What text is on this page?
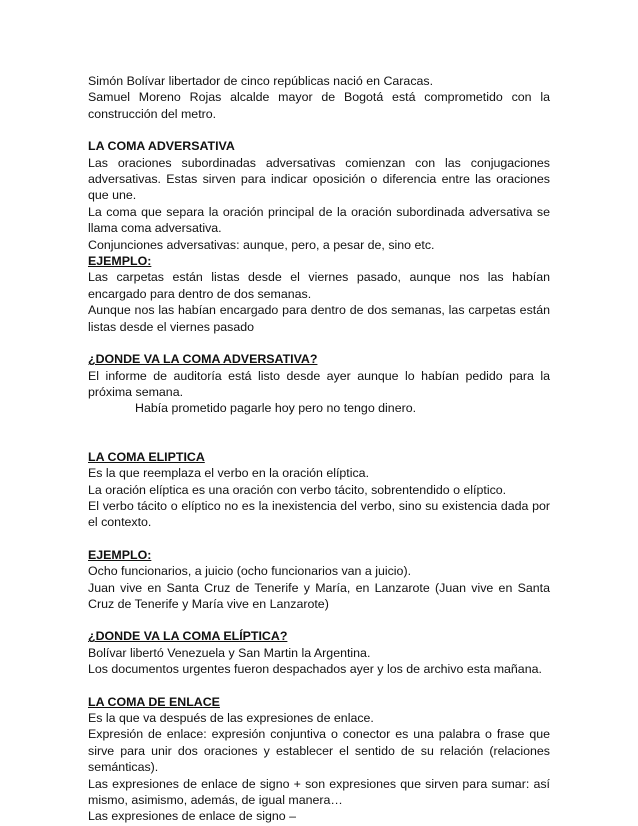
Simón Bolívar libertador de cinco repúblicas nació en Caracas.

Samuel Moreno Rojas alcalde mayor de Bogotá está comprometido con la construcción del metro.

LA COMA ADVERSATIVA

Las oraciones subordinadas adversativas comienzan con las conjugaciones adversativas. Estas sirven para indicar oposición o diferencia entre las oraciones que une.

La coma que separa la oración principal de la oración subordinada adversativa se llama coma adversativa.

Conjunciones adversativas: aunque, pero, a pesar de, sino etc.

EJEMPLO:

Las carpetas están listas desde el viernes pasado, aunque nos las habían encargado para dentro de dos semanas.

Aunque nos las habían encargado para dentro de dos semanas, las carpetas están listas desde el viernes pasado

¿DONDE VA LA COMA ADVERSATIVA?

El informe de auditoría está listo desde ayer aunque lo habían pedido para la próxima semana.

Había prometido pagarle hoy pero no tengo dinero.

LA COMA ELIPTICA

Es la que reemplaza el verbo en la oración elíptica.

La oración elíptica es una oración con verbo tácito, sobrentendido o elíptico.

El verbo tácito o elíptico no es la inexistencia del verbo, sino su existencia dada por el contexto.

EJEMPLO:

Ocho funcionarios, a juicio (ocho funcionarios van a juicio).

Juan vive en Santa Cruz de Tenerife y María, en Lanzarote (Juan vive en Santa Cruz de Tenerife y María vive en Lanzarote)

¿DONDE VA LA COMA ELÍPTICA?

Bolívar libertó Venezuela y San Martin la Argentina.

Los documentos urgentes fueron despachados ayer y los de archivo esta mañana.

LA COMA DE ENLACE

Es la que va después de las expresiones de enlace.

Expresión de enlace: expresión conjuntiva o conector es una palabra o frase que sirve para unir dos oraciones y establecer el sentido de su relación (relaciones semánticas).

Las expresiones de enlace de signo + son expresiones que sirven para sumar: así mismo, asimismo, además, de igual manera…

Las expresiones de enlace de signo –
